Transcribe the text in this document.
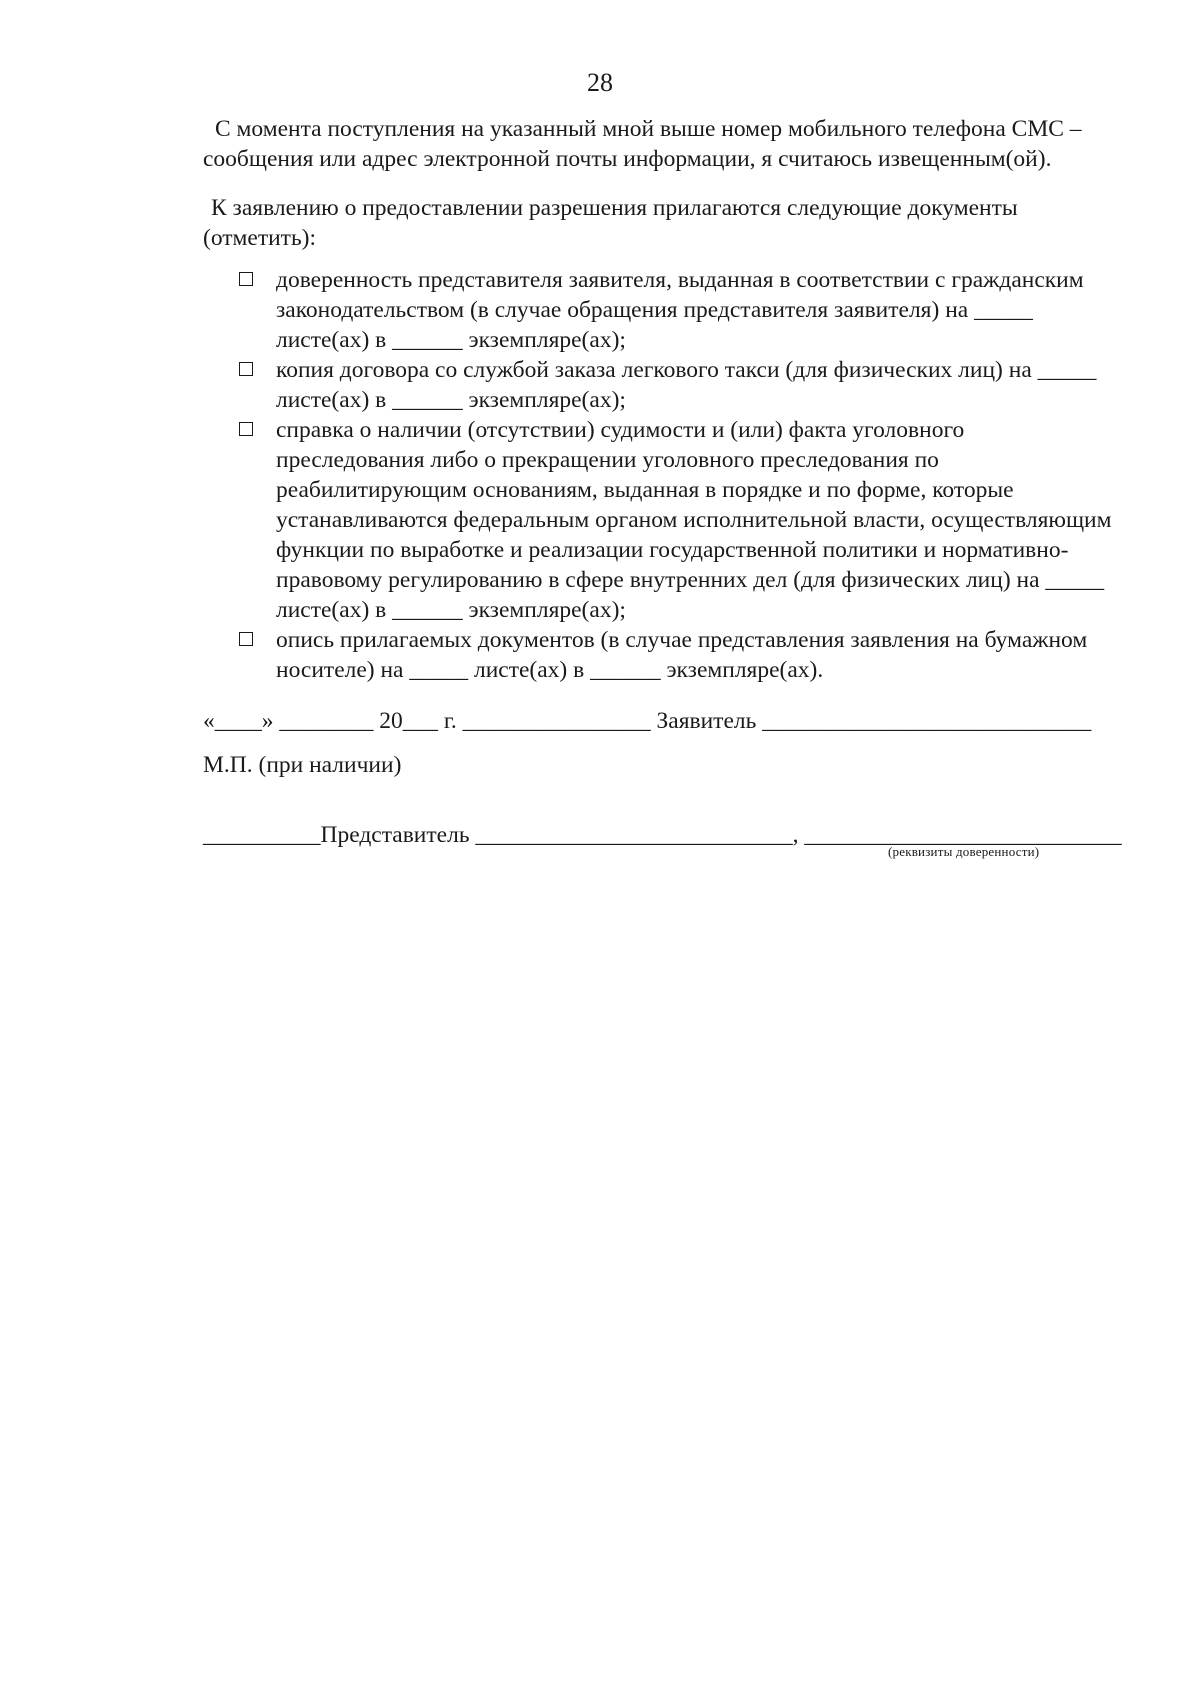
28
С момента поступления на указанный мной выше номер мобильного телефона СМС –
сообщения или адрес электронной почты информации, я считаюсь извещенным(ой).
К заявлению о предоставлении разрешения прилагаются следующие документы
(отметить):
доверенность представителя заявителя, выданная в соответствии с гражданским
законодательством (в случае обращения представителя заявителя) на _____
листе(ах) в ______ экземпляре(ах);
копия договора со службой заказа легкового такси (для физических лиц) на _____
листе(ах) в ______ экземпляре(ах);
справка о наличии (отсутствии) судимости и (или) факта уголовного
преследования либо о прекращении уголовного преследования по
реабилитирующим основаниям, выданная в порядке и по форме, которые
устанавливаются федеральным органом исполнительной власти, осуществляющим
функции по выработке и реализации государственной политики и нормативно-
правовому регулированию в сфере внутренних дел (для физических лиц) на _____
листе(ах) в ______ экземпляре(ах);
опись прилагаемых документов (в случае представления заявления на бумажном
носителе) на _____ листе(ах) в ______ экземпляре(ах).
«____» ________ 20___ г. ________________ Заявитель ____________________________
М.П. (при наличии)
__________Представитель ___________________________, ___________________________
(реквизиты доверенности)
